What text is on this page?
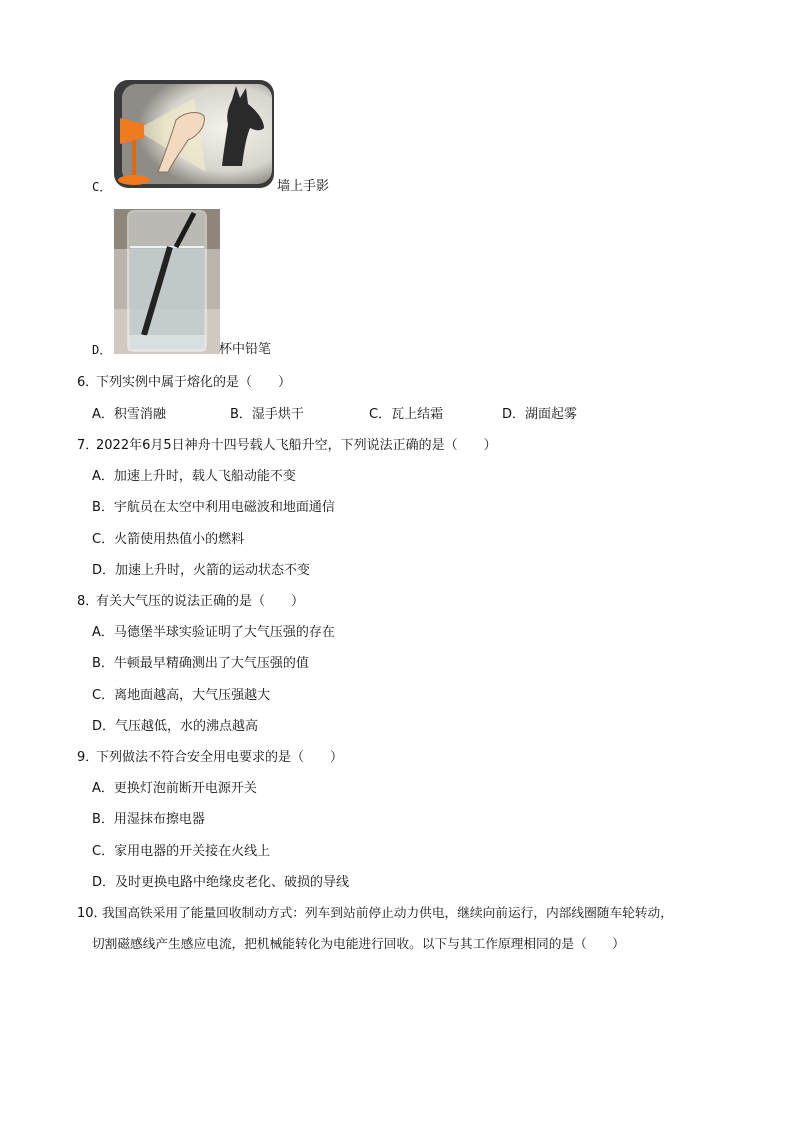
C．	墙上手影
D．	杯中铅笔
6．
下列实例中属于熔化的是（　　）
A．积雪消融	B．湿手烘干	C．瓦上结霜	D．湖面起雾
7．
2022年6月5日神舟十四号载人飞船升空，下列说法正确的是（　　）
A．加速上升时，载人飞船动能不变
B．宇航员在太空中利用电磁波和地面通信
C．火箭使用热值小的燃料
D．加速上升时，火箭的运动状态不变
8．
有关大气压的说法正确的是（　　）
A．马德堡半球实验证明了大气压强的存在
B．牛顿最早精确测出了大气压强的值
C．离地面越高，大气压强越大
D．气压越低，水的沸点越高
9．
下列做法不符合安全用电要求的是（　　）
A．更换灯泡前断开电源开关
B．用湿抹布擦电器
C．家用电器的开关接在火线上
D．及时更换电路中绝缘皮老化、破损的导线
10．
我国高铁采用了能量回收制动方式：列车到站前停止动力供电，继续向前运行，内部线圈随车轮转动，
切割磁感线产生感应电流，把机械能转化为电能进行回收。以下与其工作原理相同的是（　　）
